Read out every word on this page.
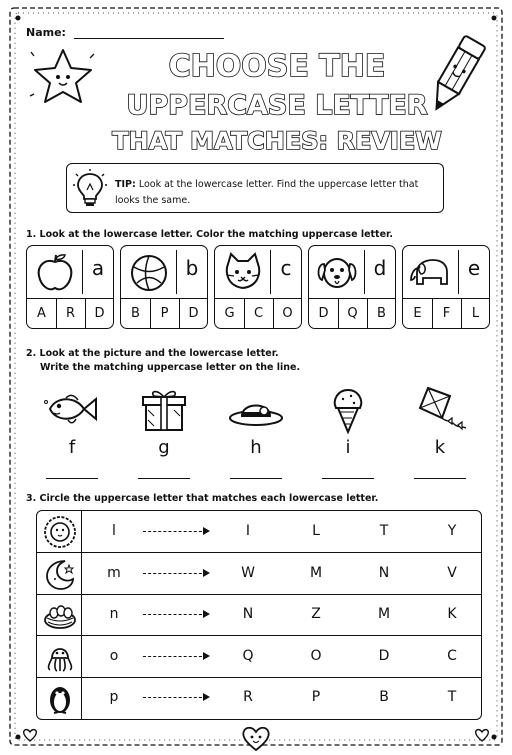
Name:
CHOOSE THE
UPPERCASE LETTER
THAT MATCHES: REVIEW
TIP: Look at the lowercase letter. Find the uppercase letter that
looks the same.
1. Look at the lowercase letter. Color the matching uppercase letter.
a
A	R	D
b
B	P	D
c
G	C	O
d
D	Q	B
e
E	F	L
2. Look at the picture and the lowercase letter.
Write the matching uppercase letter on the line.
f	g	h	i	k
3. Circle the uppercase letter that matches each lowercase letter.
l	I	L	T	Y
m	W	M	N	V
n	N	Z	M	K
o	Q	O	D	C
p	R	P	B	T
